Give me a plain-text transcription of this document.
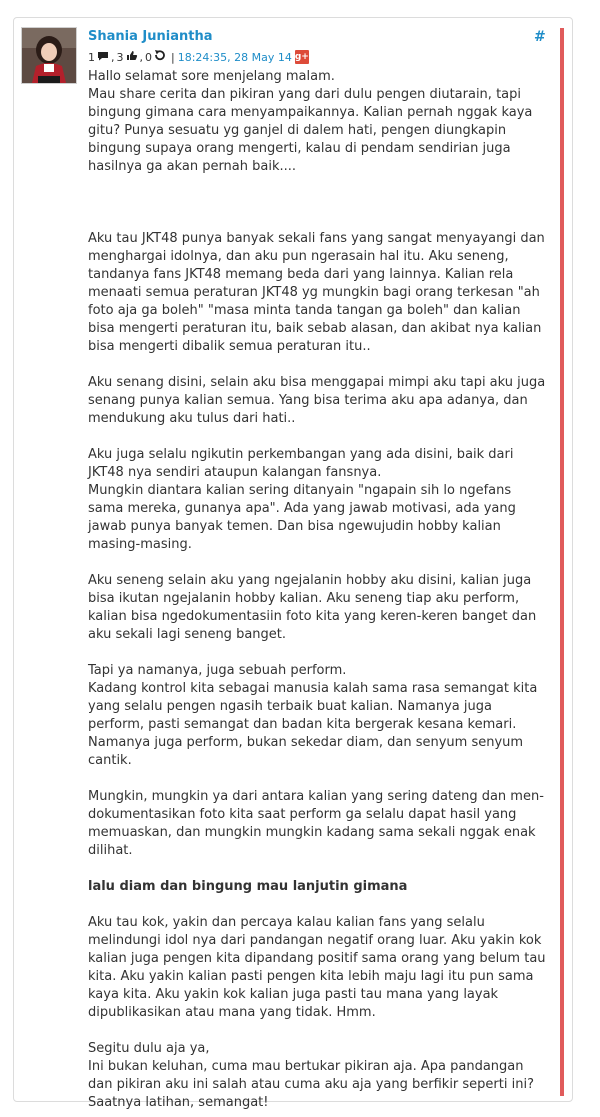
Shania Juniantha	#
1 , 3 , 0 | 18:24:35, 28 May 14 g+

Hallo selamat sore menjelang malam.
Mau share cerita dan pikiran yang dari dulu pengen diutarain, tapi bingung gimana cara menyampaikannya. Kalian pernah nggak kaya gitu? Punya sesuatu yg ganjel di dalem hati, pengen diungkapin bingung supaya orang mengerti, kalau di pendam sendirian juga hasilnya ga akan pernah baik....

Aku tau JKT48 punya banyak sekali fans yang sangat menyayangi dan menghargai idolnya, dan aku pun ngerasain hal itu. Aku seneng, tandanya fans JKT48 memang beda dari yang lainnya. Kalian rela menaati semua peraturan JKT48 yg mungkin bagi orang terkesan "ah foto aja ga boleh" "masa minta tanda tangan ga boleh" dan kalian bisa mengerti peraturan itu, baik sebab alasan, dan akibat nya kalian bisa mengerti dibalik semua peraturan itu..

Aku senang disini, selain aku bisa menggapai mimpi aku tapi aku juga senang punya kalian semua. Yang bisa terima aku apa adanya, dan mendukung aku tulus dari hati..

Aku juga selalu ngikutin perkembangan yang ada disini, baik dari JKT48 nya sendiri ataupun kalangan fansnya.
Mungkin diantara kalian sering ditanyain "ngapain sih lo ngefans sama mereka, gunanya apa". Ada yang jawab motivasi, ada yang jawab punya banyak temen. Dan bisa ngewujudin hobby kalian masing-masing.

Aku seneng selain aku yang ngejalanin hobby aku disini, kalian juga bisa ikutan ngejalanin hobby kalian. Aku seneng tiap aku perform, kalian bisa ngedokumentasiin foto kita yang keren-keren banget dan aku sekali lagi seneng banget.

Tapi ya namanya, juga sebuah perform.
Kadang kontrol kita sebagai manusia kalah sama rasa semangat kita yang selalu pengen ngasih terbaik buat kalian. Namanya juga perform, pasti semangat dan badan kita bergerak kesana kemari. Namanya juga perform, bukan sekedar diam, dan senyum senyum cantik.

Mungkin, mungkin ya dari antara kalian yang sering dateng dan men-dokumentasikan foto kita saat perform ga selalu dapat hasil yang memuaskan, dan mungkin mungkin kadang sama sekali nggak enak dilihat.

lalu diam dan bingung mau lanjutin gimana

Aku tau kok, yakin dan percaya kalau kalian fans yang selalu melindungi idol nya dari pandangan negatif orang luar. Aku yakin kok kalian juga pengen kita dipandang positif sama orang yang belum tau kita. Aku yakin kalian pasti pengen kita lebih maju lagi itu pun sama kaya kita. Aku yakin kok kalian juga pasti tau mana yang layak dipublikasikan atau mana yang tidak. Hmm.

Segitu dulu aja ya,
Ini bukan keluhan, cuma mau bertukar pikiran aja. Apa pandangan dan pikiran aku ini salah atau cuma aku aja yang berfikir seperti ini? Saatnya latihan, semangat!
